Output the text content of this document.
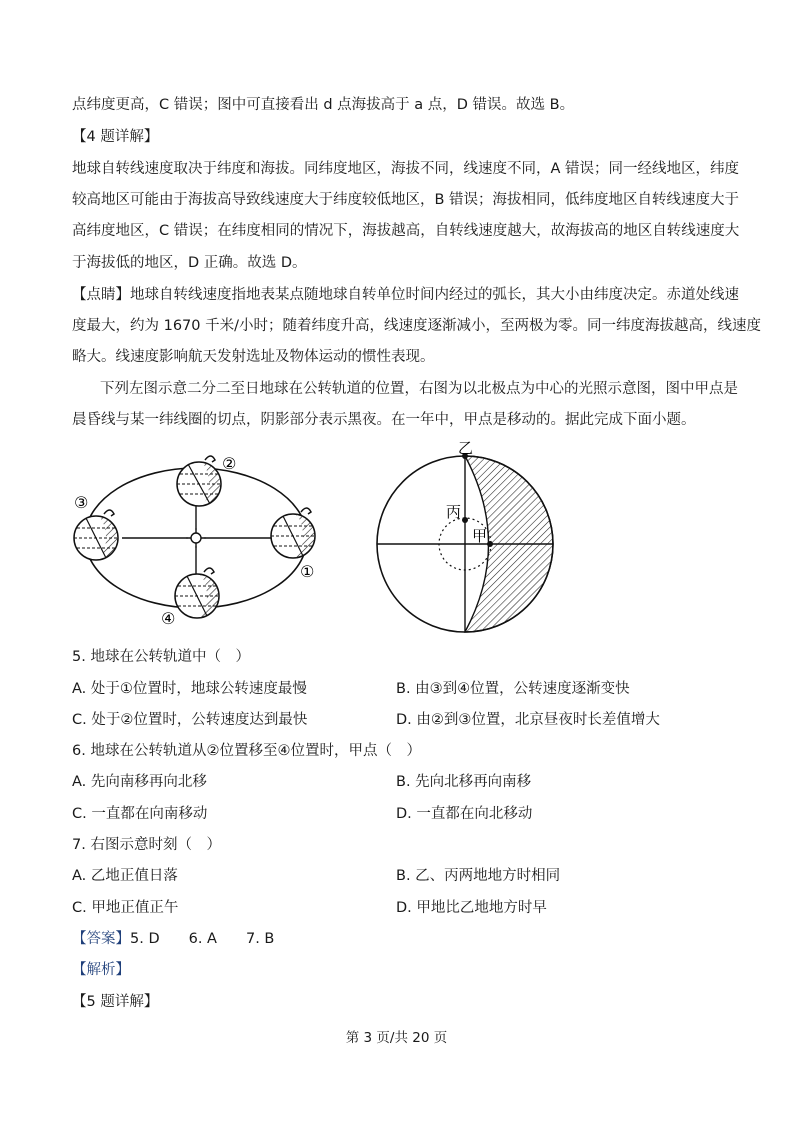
点纬度更高，C 错误；图中可直接看出 d 点海拔高于 a 点，D 错误。故选 B。
【4 题详解】
地球自转线速度取决于纬度和海拔。同纬度地区，海拔不同，线速度不同，A 错误；同一经线地区，纬度
较高地区可能由于海拔高导致线速度大于纬度较低地区，B 错误；海拔相同，低纬度地区自转线速度大于
高纬度地区，C 错误；在纬度相同的情况下，海拔越高，自转线速度越大，故海拔高的地区自转线速度大
于海拔低的地区，D 正确。故选 D。
【点睛】地球自转线速度指地表某点随地球自转单位时间内经过的弧长，其大小由纬度决定。赤道处线速
度最大，约为 1670 千米/小时；随着纬度升高，线速度逐渐减小，至两极为零。同一纬度海拔越高，线速度
略大。线速度影响航天发射选址及物体运动的惯性表现。
下列左图示意二分二至日地球在公转轨道的位置，右图为以北极点为中心的光照示意图，图中甲点是
晨昏线与某一纬线圈的切点，阴影部分表示黑夜。在一年中，甲点是移动的。据此完成下面小题。
②
③
①
④
乙
丙
甲
5. 地球在公转轨道中（　）
A. 处于①位置时，地球公转速度最慢	B. 由③到④位置，公转速度逐渐变快
C. 处于②位置时，公转速度达到最快	D. 由②到③位置，北京昼夜时长差值增大
6. 地球在公转轨道从②位置移至④位置时，甲点（　）
A. 先向南移再向北移	B. 先向北移再向南移
C. 一直都在向南移动	D. 一直都在向北移动
7. 右图示意时刻（　）
A. 乙地正值日落	B. 乙、丙两地地方时相同
C. 甲地正值正午	D. 甲地比乙地地方时早
【答案】5. D　　6. A　　7. B
【解析】
【5 题详解】
第 3 页/共 20 页
